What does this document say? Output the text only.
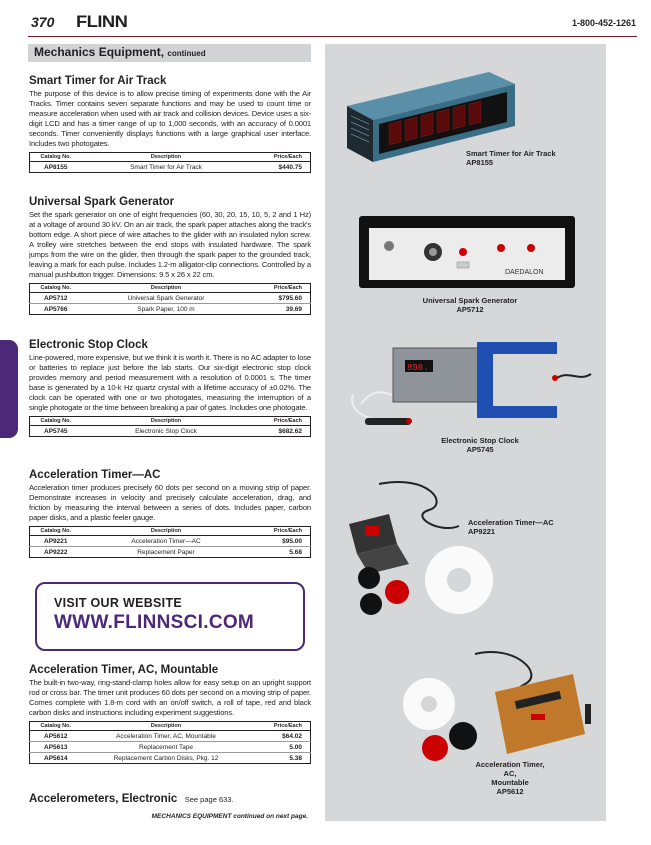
370 FLINN	1-800-452-1261
Mechanics Equipment, continued
Smart Timer for Air Track

The purpose of this device is to allow precise timing of experiments done with the Air Tracks. Timer contains seven separate functions and may be used to count time or measure acceleration when used with air track and collision devices. Device uses a six-digit LCD and has a timer range of up to 1,000 seconds, with an accuracy of 0.0001 seconds. Timer conveniently displays functions with a large graphical user interface. Includes two photogates.

Catalog No.	Description	Price/Each
AP8155	Smart Timer for Air Track	$440.75
Universal Spark Generator

Set the spark generator on one of eight frequencies (60, 30, 20, 15, 10, 5, 2 and 1 Hz) at a voltage of around 30 kV. On an air track, the spark paper attaches along the track's bottom edge. A short piece of wire attaches to the glider with an insulated nylon screw. A trolley wire stretches between the end stops with insulated hardware. The spark jumps from the wire on the glider, then through the spark paper to the grounded track, leaving a mark for each pulse. Includes 1.2-m alligator-clip connections. Controlled by a manual pushbutton trigger. Dimensions: 9.5 x 26 x 22 cm.

Catalog No.	Description	Price/Each
AP5712	Universal Spark Generator	$795.60
AP5766	Spark Paper, 100 m	39.69
Electronic Stop Clock

Line-powered, more expensive, but we think it is worth it. There is no AC adapter to lose or batteries to replace just before the lab starts. Our six-digit electronic stop clock provides memory and period measurement with a resolution of 0.0001 s. The timer base is generated by a 10-k Hz quartz crystal with a lifetime accuracy of ±0.02%. The clock can be operated with one or two photogates, measuring the interruption of a single photogate or the time between breaking a pair of gates. Includes one photogate.

Catalog No.	Description	Price/Each
AP5745	Electronic Stop Clock	$682.62
Acceleration Timer—AC

Acceleration timer produces precisely 60 dots per second on a moving strip of paper. Demonstrate increases in velocity and precisely calculate acceleration, drag, and friction by measuring the interval between a series of dots. Includes paper, carbon paper disks, and a plastic feeler gauge.

Catalog No.	Description	Price/Each
AP9221	Acceleration Timer—AC	$95.00
AP9222	Replacement Paper	5.68
VISIT OUR WEBSITE
WWW.FLINNSCI.COM
Acceleration Timer, AC, Mountable

The built-in two-way, ring-stand-clamp holes allow for easy setup on an upright support rod or cross bar. The timer unit produces 60 dots per second on a moving strip of paper. Comes complete with 1.8-m cord with an on/off switch, a roll of tape, red and black carbon disks and instructions including experiment suggestions.

Catalog No.	Description	Price/Each
AP5612	Acceleration Timer, AC, Mountable	$64.02
AP5613	Replacement Tape	5.00
AP5614	Replacement Carbon Disks, Pkg. 12	5.38
Accelerometers, Electronic See page 633.
MECHANICS EQUIPMENT continued on next page.
Smart Timer for Air Track
AP8155
DAEDALON
Universal Spark Generator
AP5712
898.
Electronic Stop Clock
AP5745
Acceleration Timer—AC
AP9221
Acceleration Timer, AC,
Mountable
AP5612
